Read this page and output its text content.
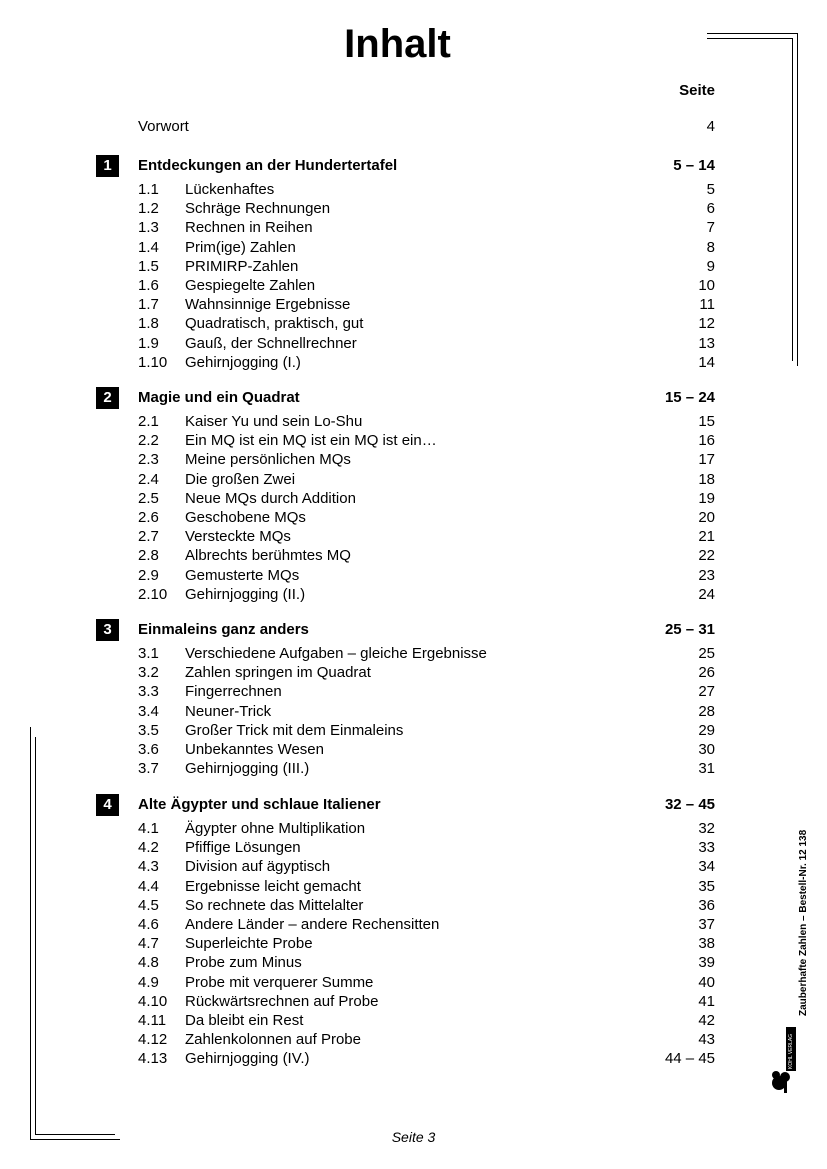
Inhalt
Seite
Vorwort	4
1	Entdeckungen an der Hundertertafel	5 – 14
1.1 Lückenhaftes	5
1.2 Schräge Rechnungen	6
1.3 Rechnen in Reihen	7
1.4 Prim(ige) Zahlen	8
1.5 PRIMIRP-Zahlen	9
1.6 Gespiegelte Zahlen	10
1.7 Wahnsinnige Ergebnisse	11
1.8 Quadratisch, praktisch, gut	12
1.9 Gauß, der Schnellrechner	13
1.10 Gehirnjogging (I.)	14
2	Magie und ein Quadrat	15 – 24
2.1 Kaiser Yu und sein Lo-Shu	15
2.2 Ein MQ ist ein MQ ist ein MQ ist ein…	16
2.3 Meine persönlichen MQs	17
2.4 Die großen Zwei	18
2.5 Neue MQs durch Addition	19
2.6 Geschobene MQs	20
2.7 Versteckte MQs	21
2.8 Albrechts berühmtes MQ	22
2.9 Gemusterte MQs	23
2.10 Gehirnjogging (II.)	24
3	Einmaleins ganz anders	25 – 31
3.1 Verschiedene Aufgaben – gleiche Ergebnisse	25
3.2 Zahlen springen im Quadrat	26
3.3 Fingerrechnen	27
3.4 Neuner-Trick	28
3.5 Großer Trick mit dem Einmaleins	29
3.6 Unbekanntes Wesen	30
3.7 Gehirnjogging (III.)	31
4	Alte Ägypter und schlaue Italiener	32 – 45
4.1 Ägypter ohne Multiplikation	32
4.2 Pfiffige Lösungen	33
4.3 Division auf ägyptisch	34
4.4 Ergebnisse leicht gemacht	35
4.5 So rechnete das Mittelalter	36
4.6 Andere Länder – andere Rechensitten	37
4.7 Superleichte Probe	38
4.8 Probe zum Minus	39
4.9 Probe mit verquerer Summe	40
4.10 Rückwärtsrechnen auf Probe	41
4.11 Da bleibt ein Rest	42
4.12 Zahlenkolonnen auf Probe	43
4.13 Gehirnjogging (IV.)	44 – 45
Seite 3
Zauberhafte Zahlen – Bestell-Nr. 12 138
KOHL VERLAG
